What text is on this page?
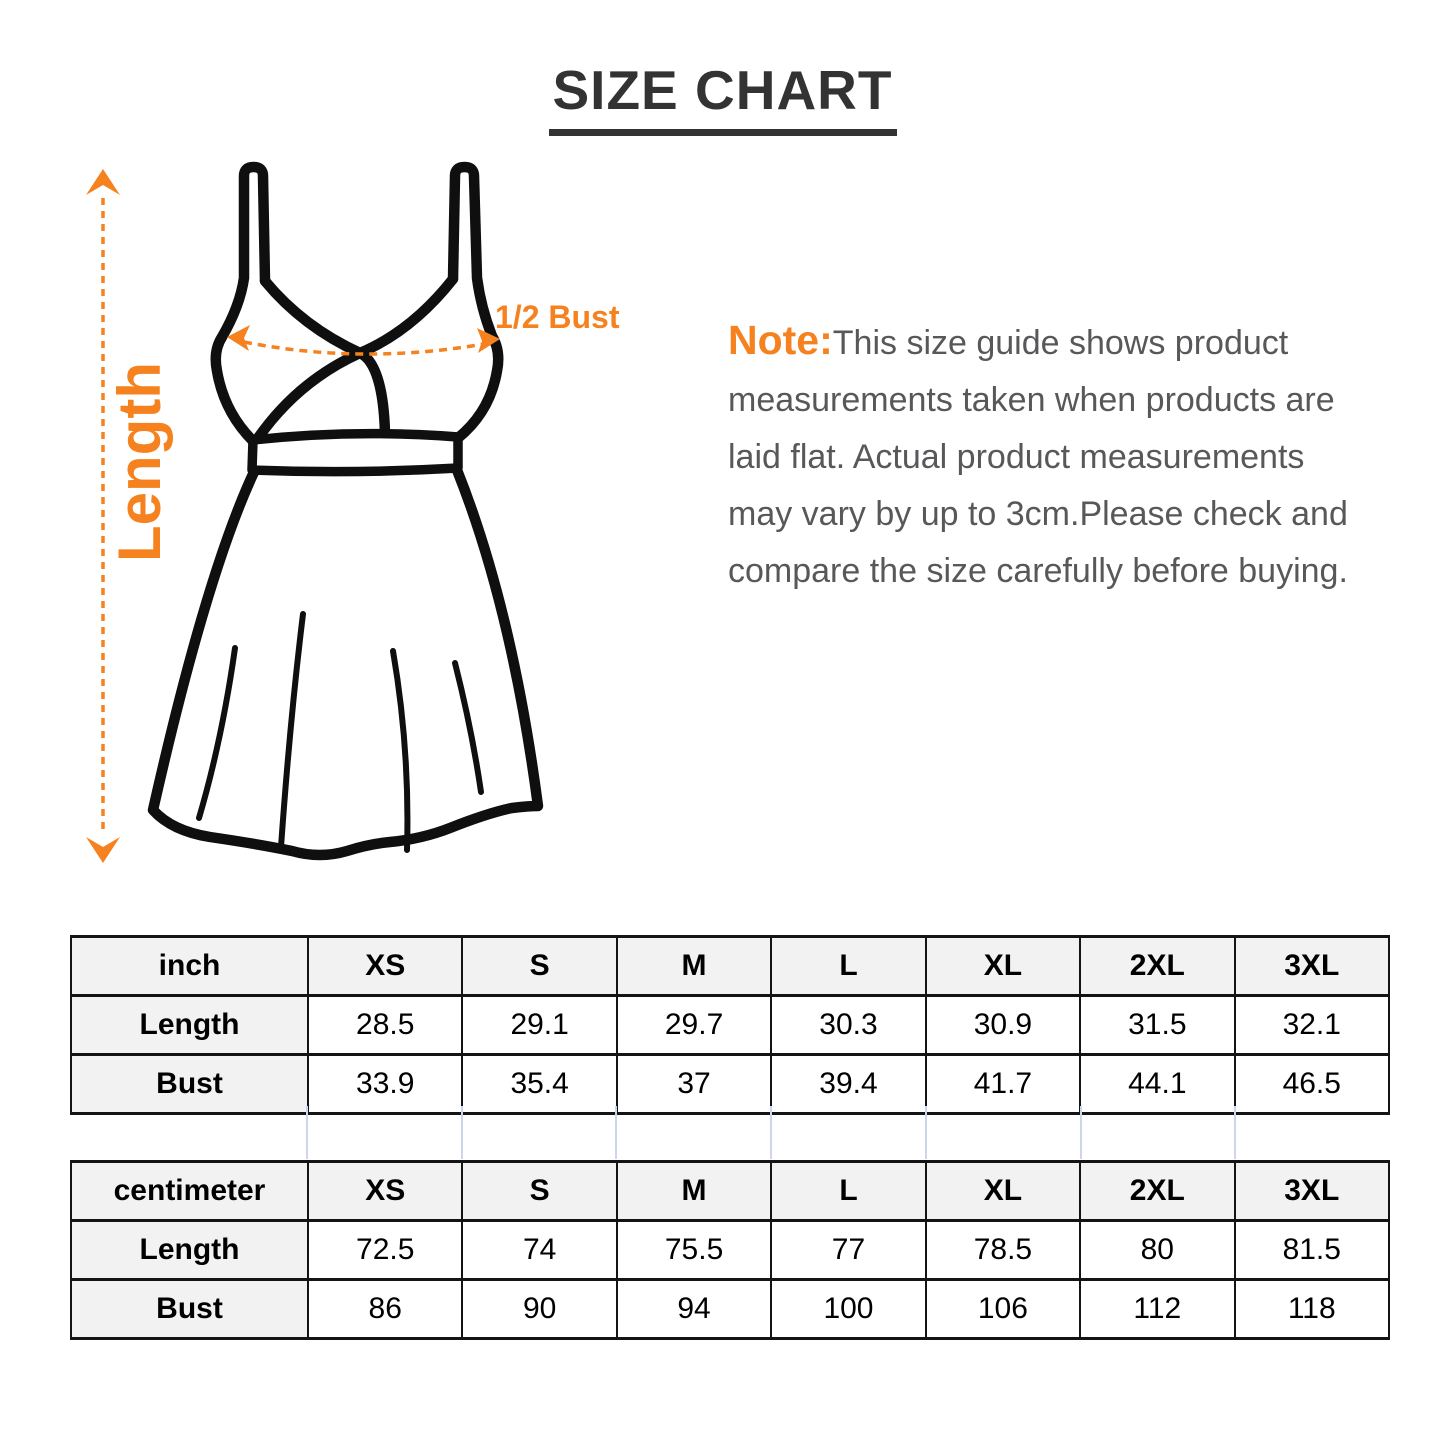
SIZE CHART
Length
1/2 Bust	Note:This size guide shows product
measurements taken when products are
laid flat. Actual product measurements
may vary by up to 3cm.Please check and
compare the size carefully before buying.
inch	XS	S	M	L	XL	2XL	3XL
Length	28.5	29.1	29.7	30.3	30.9	31.5	32.1
Bust	33.9	35.4	37	39.4	41.7	44.1	46.5
centimeter	XS	S	M	L	XL	2XL	3XL
Length	72.5	74	75.5	77	78.5	80	81.5
Bust	86	90	94	100	106	112	118
